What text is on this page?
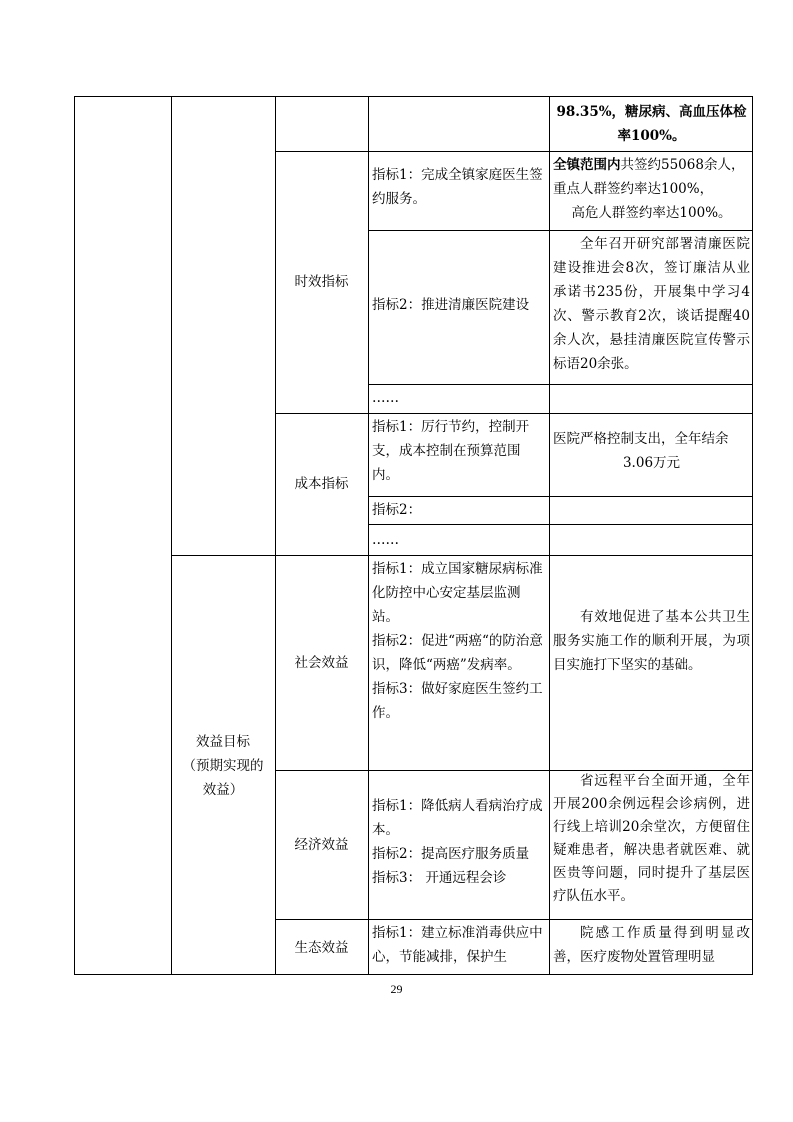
98.35%，糖尿病、高血压体检

率100%。

时效指标
指标1：完成全镇家庭医生签约服务。

全镇范围内共签约55068余人，重点人群签约率达100%，

高危人群签约率达100%。

指标2：推进清廉医院建设

全年召开研究部署清廉医院建设推进会8次，签订廉洁从业承诺书235份，开展集中学习4次、警示教育2次，谈话提醒40余人次，悬挂清廉医院宣传警示标语20余张。

……
成本指标
指标1：厉行节约，控制开支，成本控制在预算范围内。

医院严格控制支出，全年结余

3.06万元

指标2：
……

效益目标

（预期实现的

效益）

社会效益

指标1：成立国家糖尿病标准化防控中心安定基层监测站。

指标2：促进“两癌“的防治意识，降低“两癌”发病率。

指标3：做好家庭医生签约工作。

有效地促进了基本公共卫生服务实施工作的顺利开展，为项目实施打下坚实的基础。

经济效益

指标1：降低病人看病治疗成本。

指标2：提高医疗服务质量

指标3： 开通远程会诊

省远程平台全面开通，全年开展200余例远程会诊病例，进行线上培训20余堂次，方便留住疑难患者，解决患者就医难、就医贵等问题，同时提升了基层医疗队伍水平。

生态效益
指标1：建立标准消毒供应中心，节能减排，保护生

院感工作质量得到明显改善，医疗废物处置管理明显

29
